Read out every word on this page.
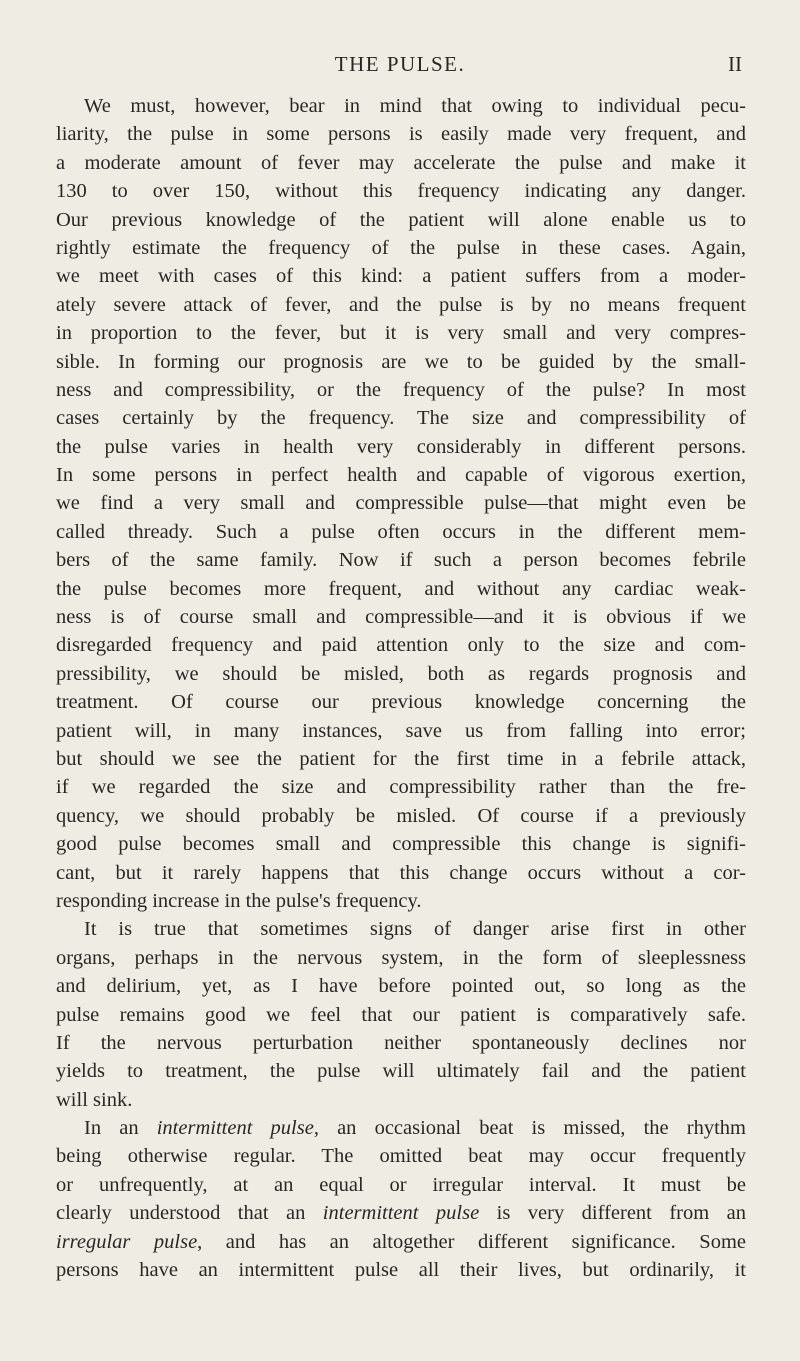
THE PULSE.	II
We must, however, bear in mind that owing to individual pecu-
liarity, the pulse in some persons is easily made very frequent, and
a moderate amount of fever may accelerate the pulse and make it
130 to over 150, without this frequency indicating any danger.
Our previous knowledge of the patient will alone enable us to
rightly estimate the frequency of the pulse in these cases. Again,
we meet with cases of this kind: a patient suffers from a moder-
ately severe attack of fever, and the pulse is by no means frequent
in proportion to the fever, but it is very small and very compres-
sible. In forming our prognosis are we to be guided by the small-
ness and compressibility, or the frequency of the pulse? In most
cases certainly by the frequency. The size and compressibility of
the pulse varies in health very considerably in different persons.
In some persons in perfect health and capable of vigorous exertion,
we find a very small and compressible pulse—that might even be
called thready. Such a pulse often occurs in the different mem-
bers of the same family. Now if such a person becomes febrile
the pulse becomes more frequent, and without any cardiac weak-
ness is of course small and compressible—and it is obvious if we
disregarded frequency and paid attention only to the size and com-
pressibility, we should be misled, both as regards prognosis and
treatment. Of course our previous knowledge concerning the
patient will, in many instances, save us from falling into error;
but should we see the patient for the first time in a febrile attack,
if we regarded the size and compressibility rather than the fre-
quency, we should probably be misled. Of course if a previously
good pulse becomes small and compressible this change is signifi-
cant, but it rarely happens that this change occurs without a cor-
responding increase in the pulse's frequency.
It is true that sometimes signs of danger arise first in other
organs, perhaps in the nervous system, in the form of sleeplessness
and delirium, yet, as I have before pointed out, so long as the
pulse remains good we feel that our patient is comparatively safe.
If the nervous perturbation neither spontaneously declines nor
yields to treatment, the pulse will ultimately fail and the patient
will sink.
In an intermittent pulse, an occasional beat is missed, the rhythm
being otherwise regular. The omitted beat may occur frequently
or unfrequently, at an equal or irregular interval. It must be
clearly understood that an intermittent pulse is very different from an
irregular pulse, and has an altogether different significance. Some
persons have an intermittent pulse all their lives, but ordinarily, it
